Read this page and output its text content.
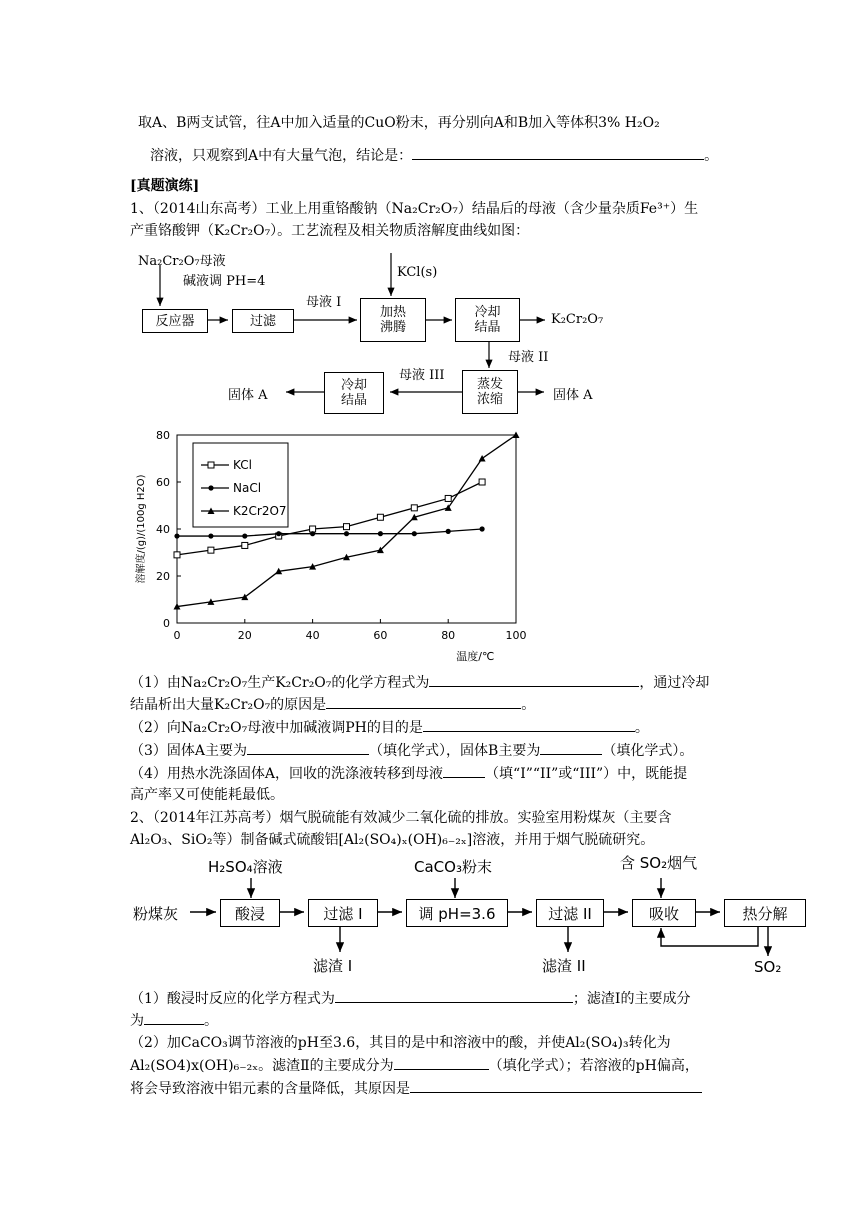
取A、B两支试管，往A中加入适量的CuO粉末，再分别向A和B加入等体积3% H₂O₂
溶液，只观察到A中有大量气泡，结论是：	。
[真题演练]
1、（2014山东高考）工业上用重铬酸钠（Na₂Cr₂O₇）结晶后的母液（含少量杂质Fe³⁺）生
产重铬酸钾（K₂Cr₂O₇）。工艺流程及相关物质溶解度曲线如图：
Na₂Cr₂O₇母液
碱液调 PH=4
KCl(s)
反应器	过滤
母液 I
加热
沸腾
冷却
结晶
K₂Cr₂O₇
母液 II
蒸发
浓缩
母液 III
冷却
结晶
固体 A	固体 A
0	20	40	60	80	100
0
20
40
60
80
温度/℃
溶解度/(g)/(100g H2O)
KCl
NaCl
K2Cr2O7
（1）由Na₂Cr₂O₇生产K₂Cr₂O₇的化学方程式为	，通过冷却
结晶析出大量K₂Cr₂O₇的原因是	。
（2）向Na₂Cr₂O₇母液中加碱液调PH的目的是	。
（3）固体A主要为	（填化学式），固体B主要为	（填化学式）。
（4）用热水洗涤固体A，回收的洗涤液转移到母液	（填“I”“II”或“III”）中，既能提
高产率又可使能耗最低。
2、（2014年江苏高考）烟气脱硫能有效减少二氧化硫的排放。实验室用粉煤灰（主要含
Al₂O₃、SiO₂等）制备碱式硫酸铝[Al₂(SO₄)ₓ(OH)₆₋₂ₓ]溶液，并用于烟气脱硫研究。
粉煤灰
H₂SO₄溶液	CaCO₃粉末	含 SO₂烟气
酸浸	过滤 I	调 pH=3.6	过滤 II	吸收	热分解
滤渣 I	滤渣 II	SO₂
（1）酸浸时反应的化学方程式为	；滤渣Ⅰ的主要成分
为	。
（2）加CaCO₃调节溶液的pH至3.6，其目的是中和溶液中的酸，并使Al₂(SO₄)₃转化为
Al₂(SO4)x(OH)₆₋₂ₓ。滤渣Ⅱ的主要成分为	（填化学式）；若溶液的pH偏高，
将会导致溶液中铝元素的含量降低，其原因是
